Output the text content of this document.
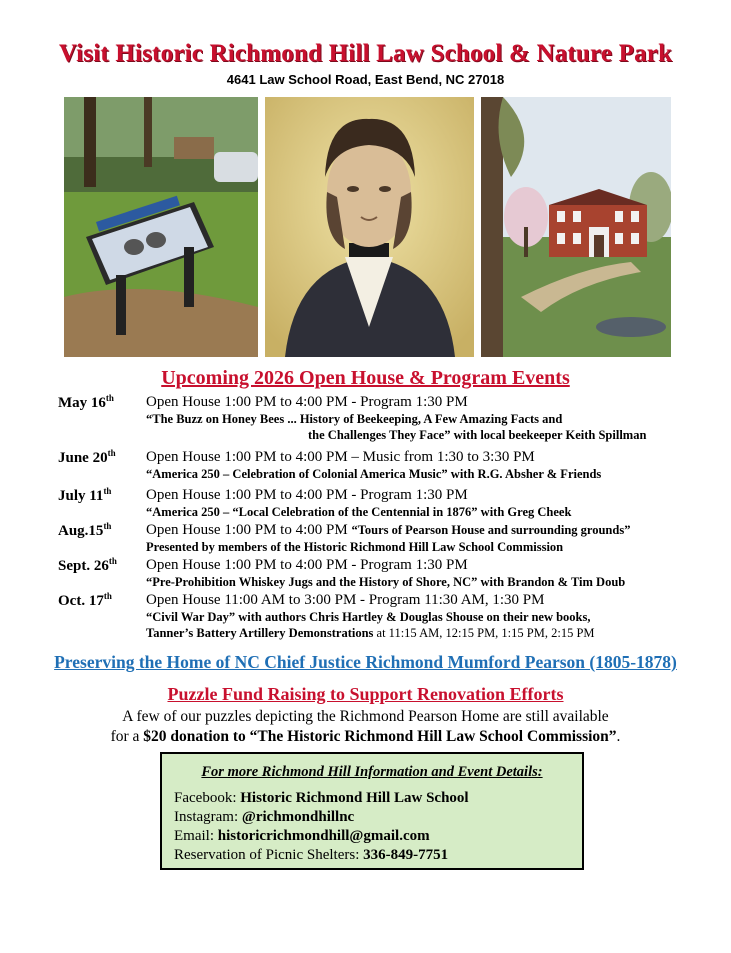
Visit Historic Richmond Hill Law School & Nature Park
4641 Law School Road, East Bend, NC 27018
Upcoming 2026 Open House & Program Events
May 16th Open House 1:00 PM to 4:00 PM - Program 1:30 PM
“The Buzz on Honey Bees ... History of Beekeeping, A Few Amazing Facts and
the Challenges They Face” with local beekeeper Keith Spillman
June 20th Open House 1:00 PM to 4:00 PM – Music from 1:30 to 3:30 PM
“America 250 – Celebration of Colonial America Music” with R.G. Absher & Friends
July 11th Open House 1:00 PM to 4:00 PM - Program 1:30 PM
“America 250 – “Local Celebration of the Centennial in 1876” with Greg Cheek
Aug.15th Open House 1:00 PM to 4:00 PM “Tours of Pearson House and surrounding grounds”
Presented by members of the Historic Richmond Hill Law School Commission
Sept. 26th Open House 1:00 PM to 4:00 PM - Program 1:30 PM
“Pre-Prohibition Whiskey Jugs and the History of Shore, NC” with Brandon & Tim Doub
Oct. 17th Open House 11:00 AM to 3:00 PM - Program 11:30 AM, 1:30 PM
“Civil War Day” with authors Chris Hartley & Douglas Shouse on their new books,
Tanner’s Battery Artillery Demonstrations at 11:15 AM, 12:15 PM, 1:15 PM, 2:15 PM
Preserving the Home of NC Chief Justice Richmond Mumford Pearson (1805-1878)
Puzzle Fund Raising to Support Renovation Efforts
A few of our puzzles depicting the Richmond Pearson Home are still available
for a $20 donation to “The Historic Richmond Hill Law School Commission”.
For more Richmond Hill Information and Event Details:
Facebook: Historic Richmond Hill Law School
Instagram: @richmondhillnc
Email: historicrichmondhill@gmail.com
Reservation of Picnic Shelters: 336-849-7751
